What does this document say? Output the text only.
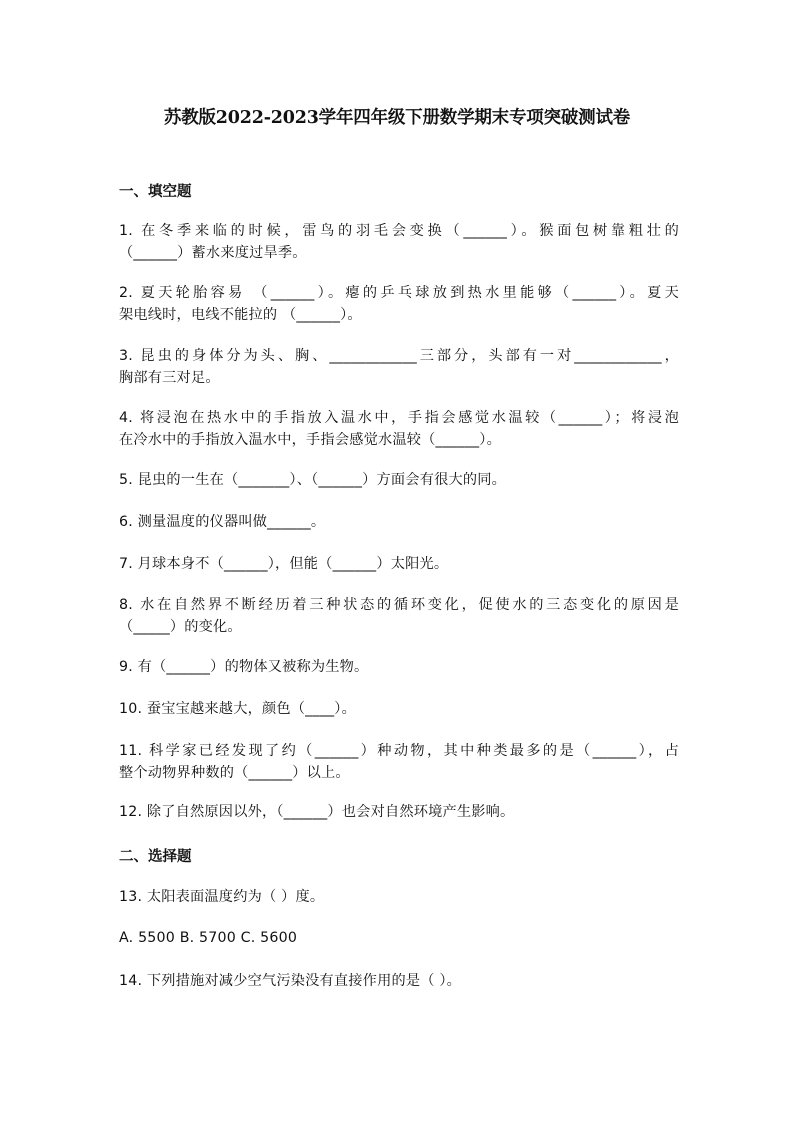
苏教版2022-2023学年四年级下册数学期末专项突破测试卷
一、填空题
1. 在冬季来临的时候，雷鸟的羽毛会变换（______）。猴面包树靠粗壮的
（______）蓄水来度过旱季。
2. 夏天轮胎容易 （______）。瘪的乒乓球放到热水里能够（______）。夏天
架电线时，电线不能拉的 （______）。
3. 昆虫的身体分为头、胸、____________三部分，头部有一对____________，
胸部有三对足。
4. 将浸泡在热水中的手指放入温水中，手指会感觉水温较（______）；将浸泡
在冷水中的手指放入温水中，手指会感觉水温较（______）。
5. 昆虫的一生在（_______）、（______）方面会有很大的同。
6. 测量温度的仪器叫做______。
7. 月球本身不（______），但能（______）太阳光。
8. 水在自然界不断经历着三种状态的循环变化，促使水的三态变化的原因是
（_____）的变化。
9. 有（______）的物体又被称为生物。
10. 蚕宝宝越来越大，颜色（____）。
11. 科学家已经发现了约（______）种动物，其中种类最多的是（______），占
整个动物界种数的（______）以上。
12. 除了自然原因以外，（______）也会对自然环境产生影响。
二、选择题
13. 太阳表面温度约为（ ）度。
A. 5500 B. 5700 C. 5600
14. 下列措施对减少空气污染没有直接作用的是（ ）。
